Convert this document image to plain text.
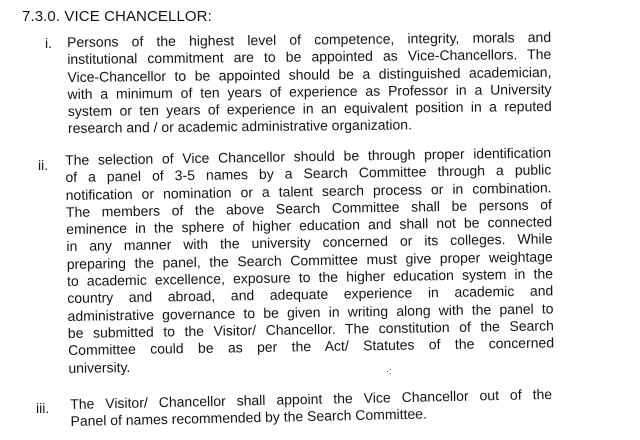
7.3.0. VICE CHANCELLOR:
i. Persons of the highest level of competence, integrity, morals and
institutional commitment are to be appointed as Vice-Chancellors. The
Vice-Chancellor to be appointed should be a distinguished academician,
with a minimum of ten years of experience as Professor in a University
system or ten years of experience in an equivalent position in a reputed
research and / or academic administrative organization.

ii. The selection of Vice Chancellor should be through proper identification
of a panel of 3-5 names by a Search Committee through a public
notification or nomination or a talent search process or in combination.
The members of the above Search Committee shall be persons of
eminence in the sphere of higher education and shall not be connected
in any manner with the university concerned or its colleges. While
preparing the panel, the Search Committee must give proper weightage
to academic excellence, exposure to the higher education system in the
country and abroad, and adequate experience in academic and
administrative governance to be given in writing along with the panel to
be submitted to the Visitor/ Chancellor. The constitution of the Search
Committee could be as per the Act/ Statutes of the concerned
university.	·:
iii. The Visitor/ Chancellor shall appoint the Vice Chancellor out of the
Panel of names recommended by the Search Committee.
